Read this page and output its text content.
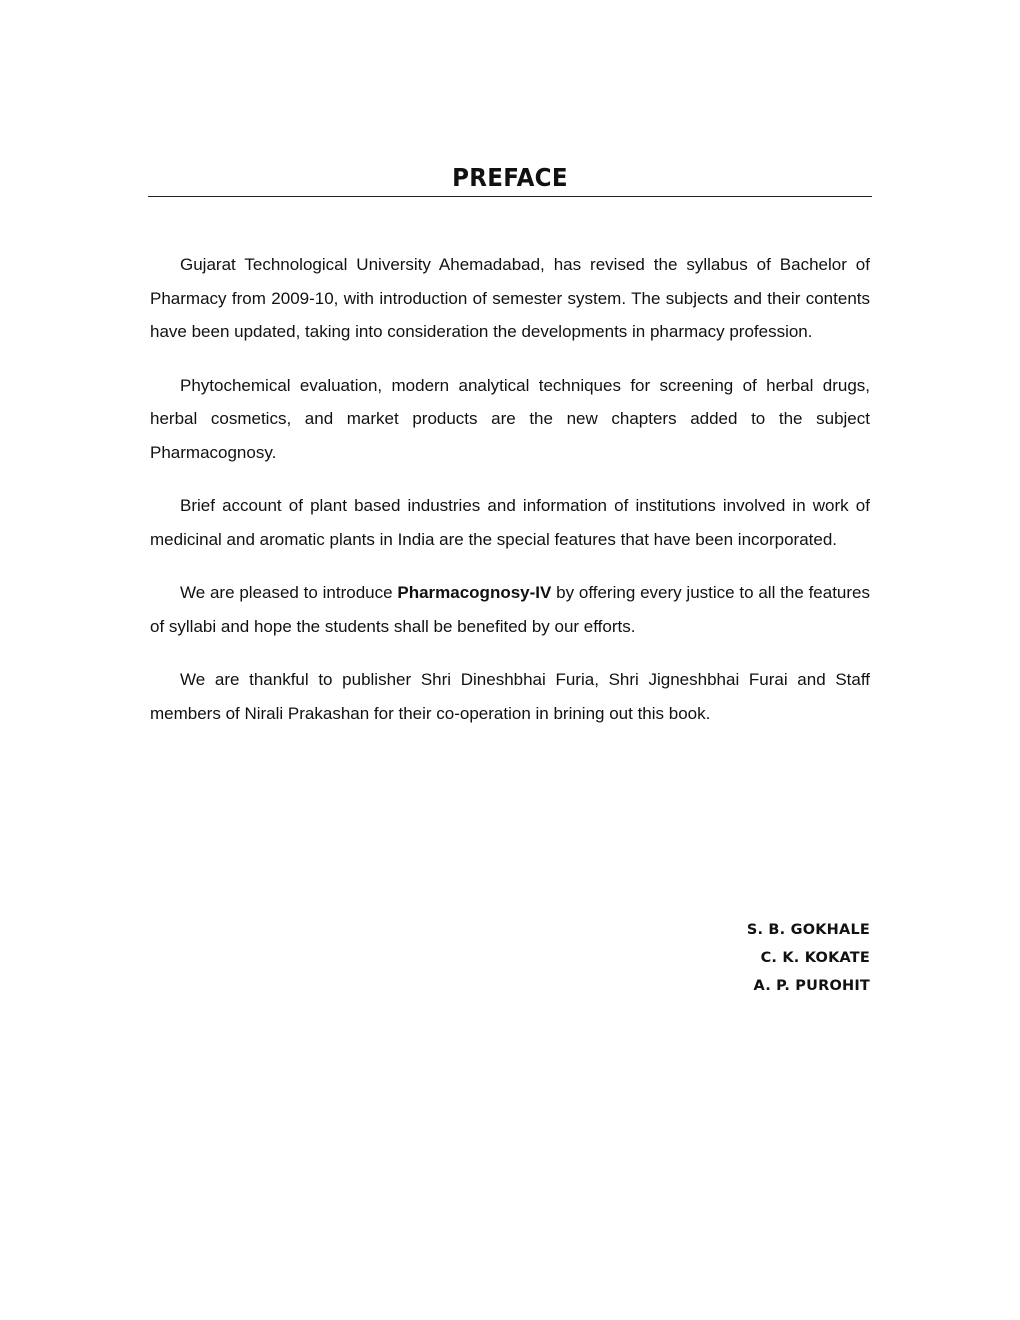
PREFACE

Gujarat Technological University Ahemadabad, has revised the syllabus of Bachelor of Pharmacy from 2009-10, with introduction of semester system. The subjects and their contents have been updated, taking into consideration the developments in pharmacy profession.

Phytochemical evaluation, modern analytical techniques for screening of herbal drugs, herbal cosmetics, and market products are the new chapters added to the subject Pharmacognosy.

Brief account of plant based industries and information of institutions involved in work of medicinal and aromatic plants in India are the special features that have been incorporated.

We are pleased to introduce Pharmacognosy-IV by offering every justice to all the features of syllabi and hope the students shall be benefited by our efforts.

We are thankful to publisher Shri Dineshbhai Furia, Shri Jigneshbhai Furai and Staff members of Nirali Prakashan for their co-operation in brining out this book.

S. B. GOKHALE
C. K. KOKATE
A. P. PUROHIT
